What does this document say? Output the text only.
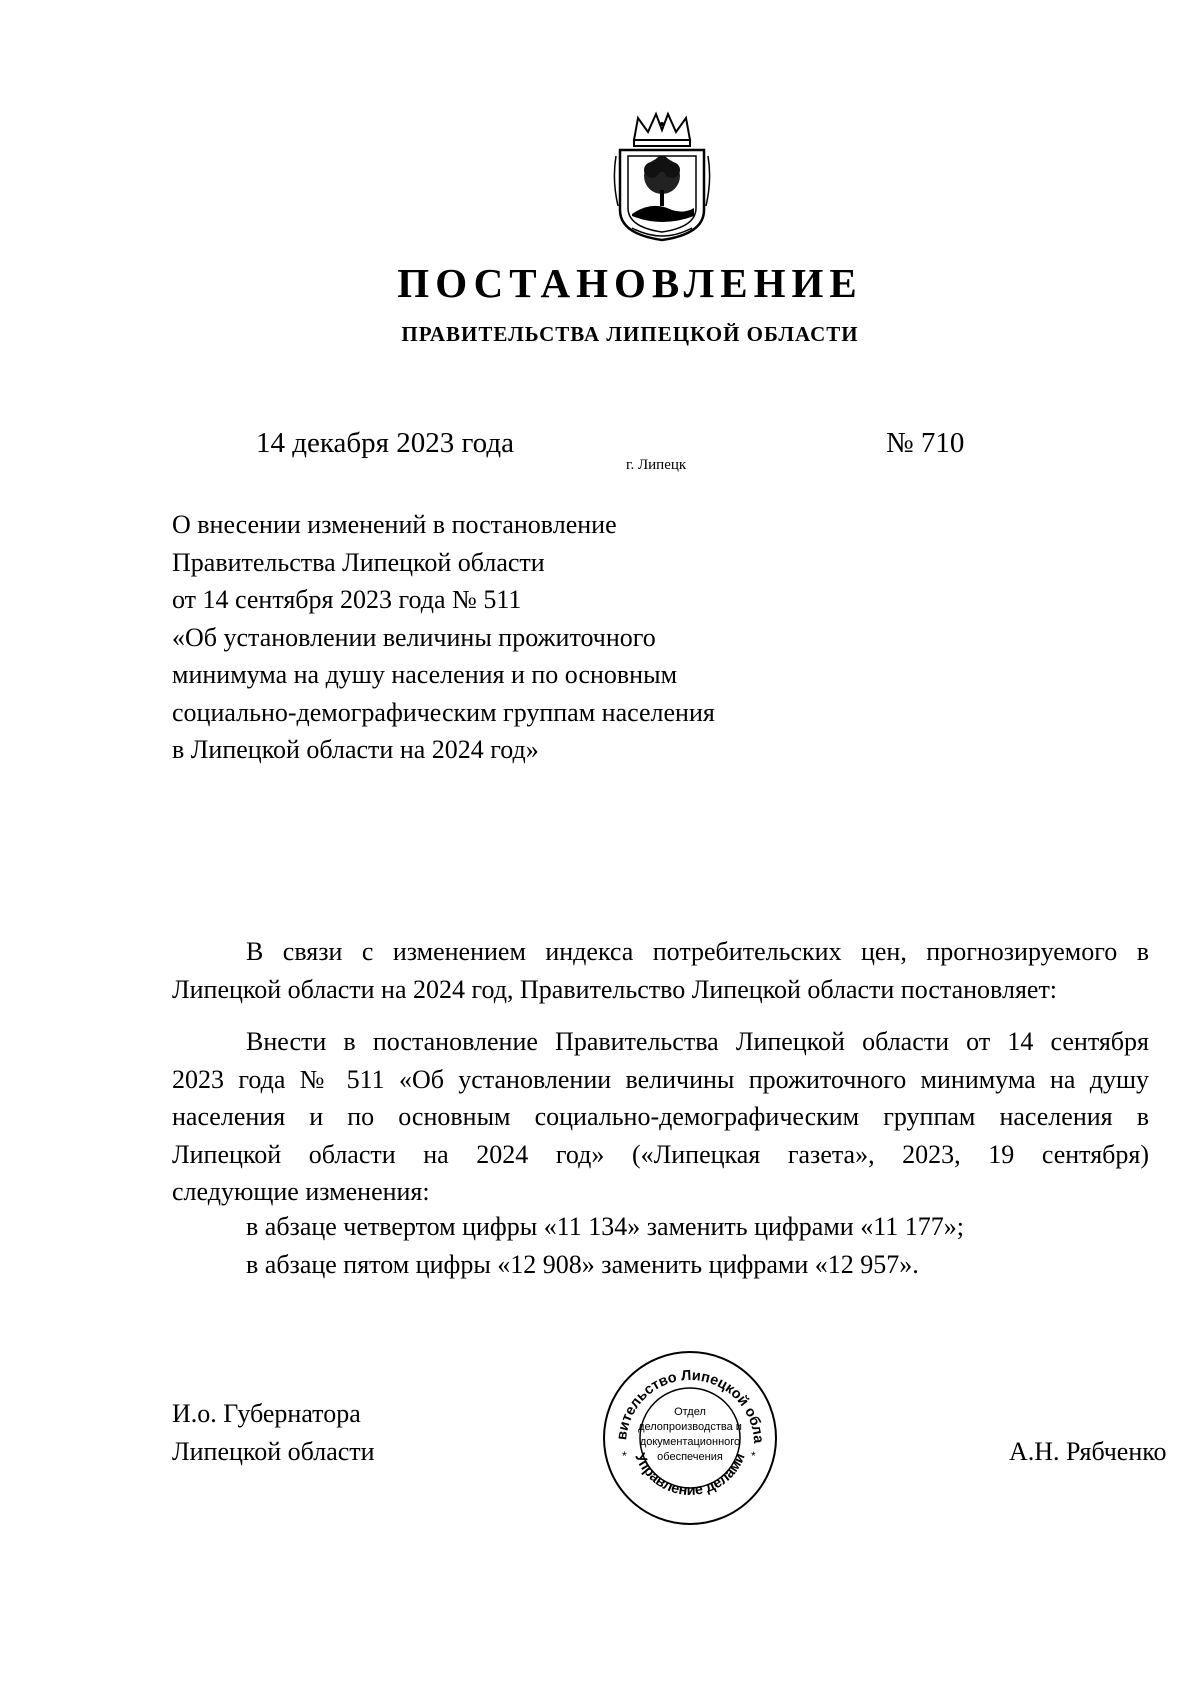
ПОСТАНОВЛЕНИЕ
ПРАВИТЕЛЬСТВА ЛИПЕЦКОЙ ОБЛАСТИ
14 декабря 2023 года
г. Липецк
№ 710
О внесении изменений в постановление
Правительства Липецкой области
от 14 сентября 2023 года № 511
«Об установлении величины прожиточного
минимума на душу населения и по основным
социально-демографическим группам населения
в Липецкой области на 2024 год»
В связи с изменением индекса потребительских цен, прогнозируемого в
Липецкой области на 2024 год, Правительство Липецкой области постановляет:
Внести в постановление Правительства Липецкой области от 14 сентября
2023 года № 511 «Об установлении величины прожиточного минимума на душу
населения и по основным социально-демографическим группам населения в
Липецкой области на 2024 год» («Липецкая газета», 2023, 19 сентября)
следующие изменения:
в абзаце четвертом цифры «11 134» заменить цифрами «11 177»;
в абзаце пятом цифры «12 908» заменить цифрами «12 957».
И.о. Губернатора
Липецкой области	А.Н. Рябченко
вительство Липецкой обла
Управление делами
*	*
Отдел
делопроизводства и
документационного
обеспечения
